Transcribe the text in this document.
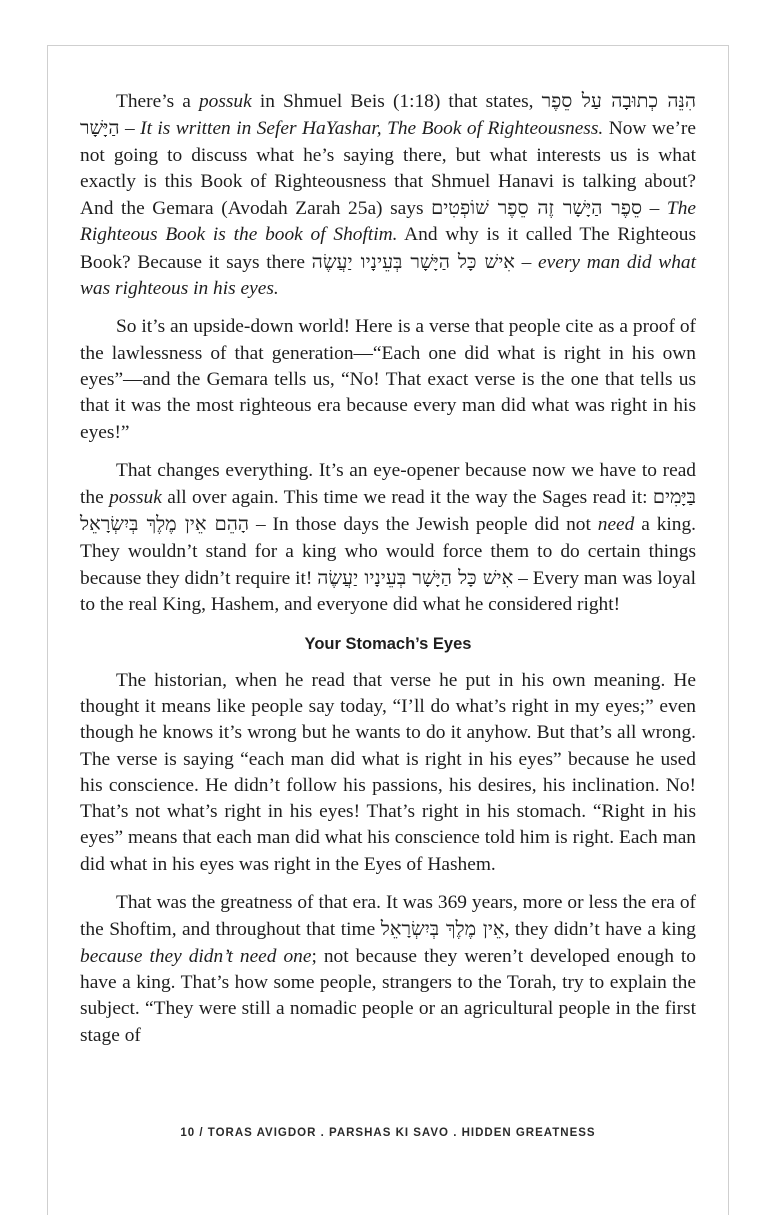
There’s a possuk in Shmuel Beis (1:18) that states, הִנֵּה כְתוּבָה עַל סֵפֶר הַיָּשָׁר – It is written in Sefer HaYashar, The Book of Righteousness. Now we’re not going to discuss what he’s saying there, but what interests us is what exactly is this Book of Righteousness that Shmuel Hanavi is talking about? And the Gemara (Avodah Zarah 25a) says סֵפֶר הַיָּשָׁר זֶה סֵפֶר שׁוֹפְטִים – The Righteous Book is the book of Shoftim. And why is it called The Righteous Book? Because it says there אִישׁ כָּל הַיָּשָׁר בְּעֵינָיו יַעֲשֶׂה – every man did what was righteous in his eyes.

So it’s an upside-down world! Here is a verse that people cite as a proof of the lawlessness of that generation—“Each one did what is right in his own eyes”—and the Gemara tells us, “No! That exact verse is the one that tells us that it was the most righteous era because every man did what was right in his eyes!”

That changes everything. It’s an eye-opener because now we have to read the possuk all over again. This time we read it the way the Sages read it: בַּיָּמִים הָהֵם אֵין מֶלֶךְ בְּיִשְׂרָאֵל – In those days the Jewish people did not need a king. They wouldn’t stand for a king who would force them to do certain things because they didn’t require it! אִישׁ כָּל הַיָּשָׁר בְּעֵינָיו יַעֲשֶׂה – Every man was loyal to the real King, Hashem, and everyone did what he considered right!

Your Stomach’s Eyes

The historian, when he read that verse he put in his own meaning. He thought it means like people say today, “I’ll do what’s right in my eyes;” even though he knows it’s wrong but he wants to do it anyhow. But that’s all wrong. The verse is saying “each man did what is right in his eyes” because he used his conscience. He didn’t follow his passions, his desires, his inclination. No! That’s not what’s right in his eyes! That’s right in his stomach. “Right in his eyes” means that each man did what his conscience told him is right. Each man did what in his eyes was right in the Eyes of Hashem.

That was the greatness of that era. It was 369 years, more or less the era of the Shoftim, and throughout that time אֵין מֶלֶךְ בְּיִשְׂרָאֵל, they didn’t have a king because they didn’t need one; not because they weren’t developed enough to have a king. That’s how some people, strangers to the Torah, try to explain the subject. “They were still a nomadic people or an agricultural people in the first stage of

10 / TORAS AVIGDOR . PARSHAS KI SAVO . HIDDEN GREATNESS
